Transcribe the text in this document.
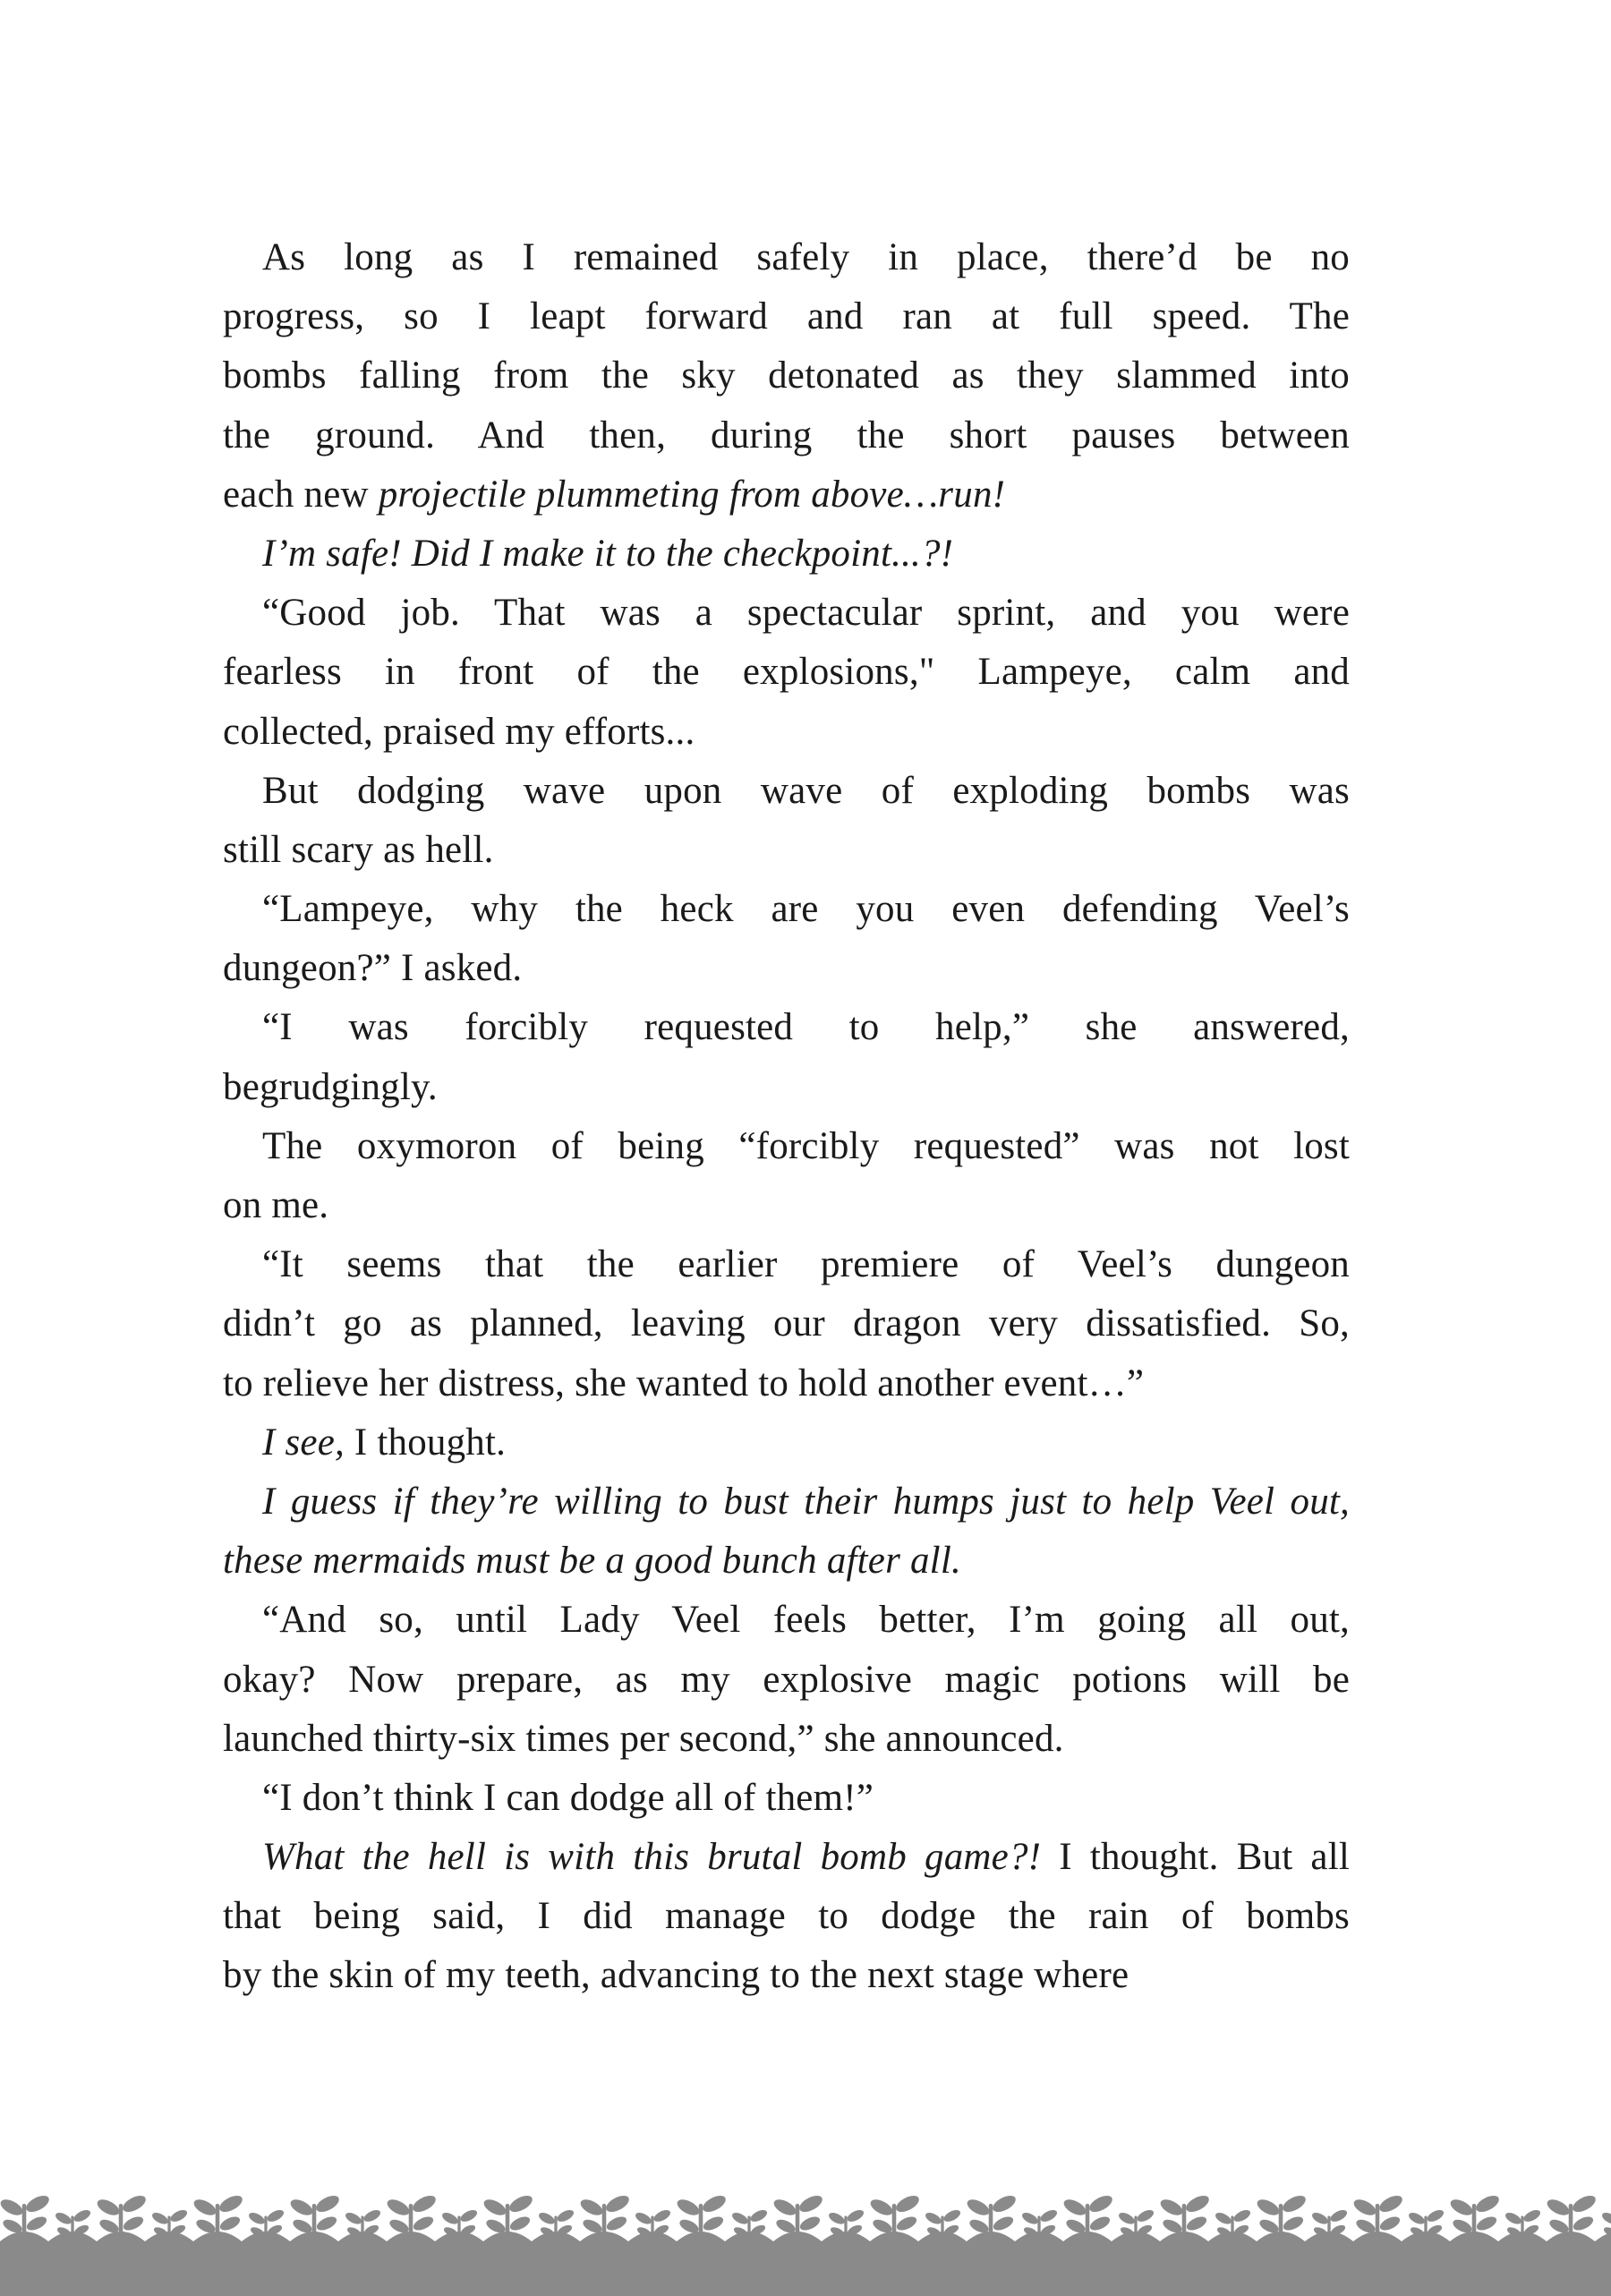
As long as I remained safely in place, there’d be no
progress, so I leapt forward and ran at full speed. The
bombs falling from the sky detonated as they slammed into
the ground. And then, during the short pauses between
each new projectile plummeting from above…run!
I’m safe! Did I make it to the checkpoint...?!
“Good job. That was a spectacular sprint, and you were
fearless in front of the explosions," Lampeye, calm and
collected, praised my efforts...
But dodging wave upon wave of exploding bombs was
still scary as hell.
“Lampeye, why the heck are you even defending Veel’s
dungeon?” I asked.
“I was forcibly requested to help,” she answered,
begrudgingly.
The oxymoron of being “forcibly requested” was not lost
on me.
“It seems that the earlier premiere of Veel’s dungeon
didn’t go as planned, leaving our dragon very dissatisfied. So,
to relieve her distress, she wanted to hold another event…”
I see, I thought.
I guess if they’re willing to bust their humps just to help Veel out,
these mermaids must be a good bunch after all.
“And so, until Lady Veel feels better, I’m going all out,
okay? Now prepare, as my explosive magic potions will be
launched thirty-six times per second,” she announced.
“I don’t think I can dodge all of them!”
What the hell is with this brutal bomb game?! I thought. But all
that being said, I did manage to dodge the rain of bombs
by the skin of my teeth, advancing to the next stage where
